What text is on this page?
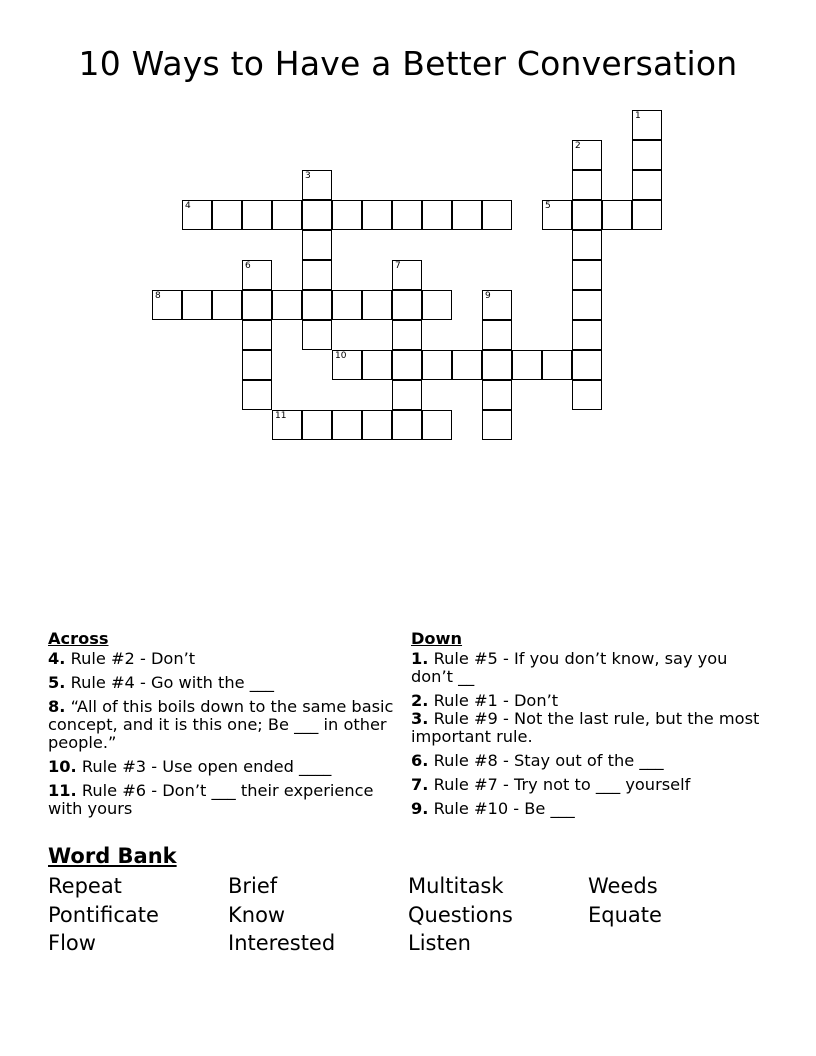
10 Ways to Have a Better Conversation
1
2
3
4	5
6	7
8	9
10
11
Across
4. Rule #2 - Don’t
5. Rule #4 - Go with the ___
8. “All of this boils down to the same basic concept, and it is this one; Be ___ in other people.”
10. Rule #3 - Use open ended ____
11. Rule #6 - Don’t ___ their experience with yours
Down
1. Rule #5 - If you don’t know, say you don’t __
2. Rule #1 - Don’t
3. Rule #9 - Not the last rule, but the most important rule.
6. Rule #8 - Stay out of the ___
7. Rule #7 - Try not to ___ yourself
9. Rule #10 - Be ___
Word Bank
Repeat	Brief	Multitask	Weeds
Pontificate	Know	Questions	Equate
Flow	Interested	Listen
